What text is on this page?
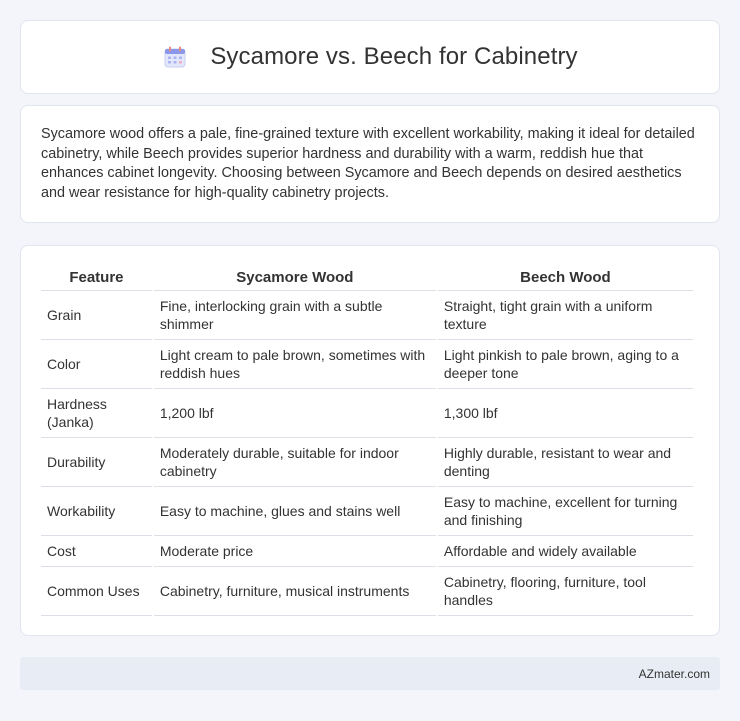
Sycamore vs. Beech for Cabinetry

Sycamore wood offers a pale, fine-grained texture with excellent workability, making it ideal for detailed cabinetry, while Beech provides superior hardness and durability with a warm, reddish hue that enhances cabinet longevity. Choosing between Sycamore and Beech depends on desired aesthetics and wear resistance for high-quality cabinetry projects.

Feature	Sycamore Wood	Beech Wood
Grain	Fine, interlocking grain with a subtle shimmer	Straight, tight grain with a uniform texture
Color	Light cream to pale brown, sometimes with reddish hues	Light pinkish to pale brown, aging to a deeper tone
Hardness (Janka)	1,200 lbf	1,300 lbf
Durability	Moderately durable, suitable for indoor cabinetry	Highly durable, resistant to wear and denting
Workability	Easy to machine, glues and stains well	Easy to machine, excellent for turning and finishing
Cost	Moderate price	Affordable and widely available
Common Uses	Cabinetry, furniture, musical instruments	Cabinetry, flooring, furniture, tool handles
AZmater.com
